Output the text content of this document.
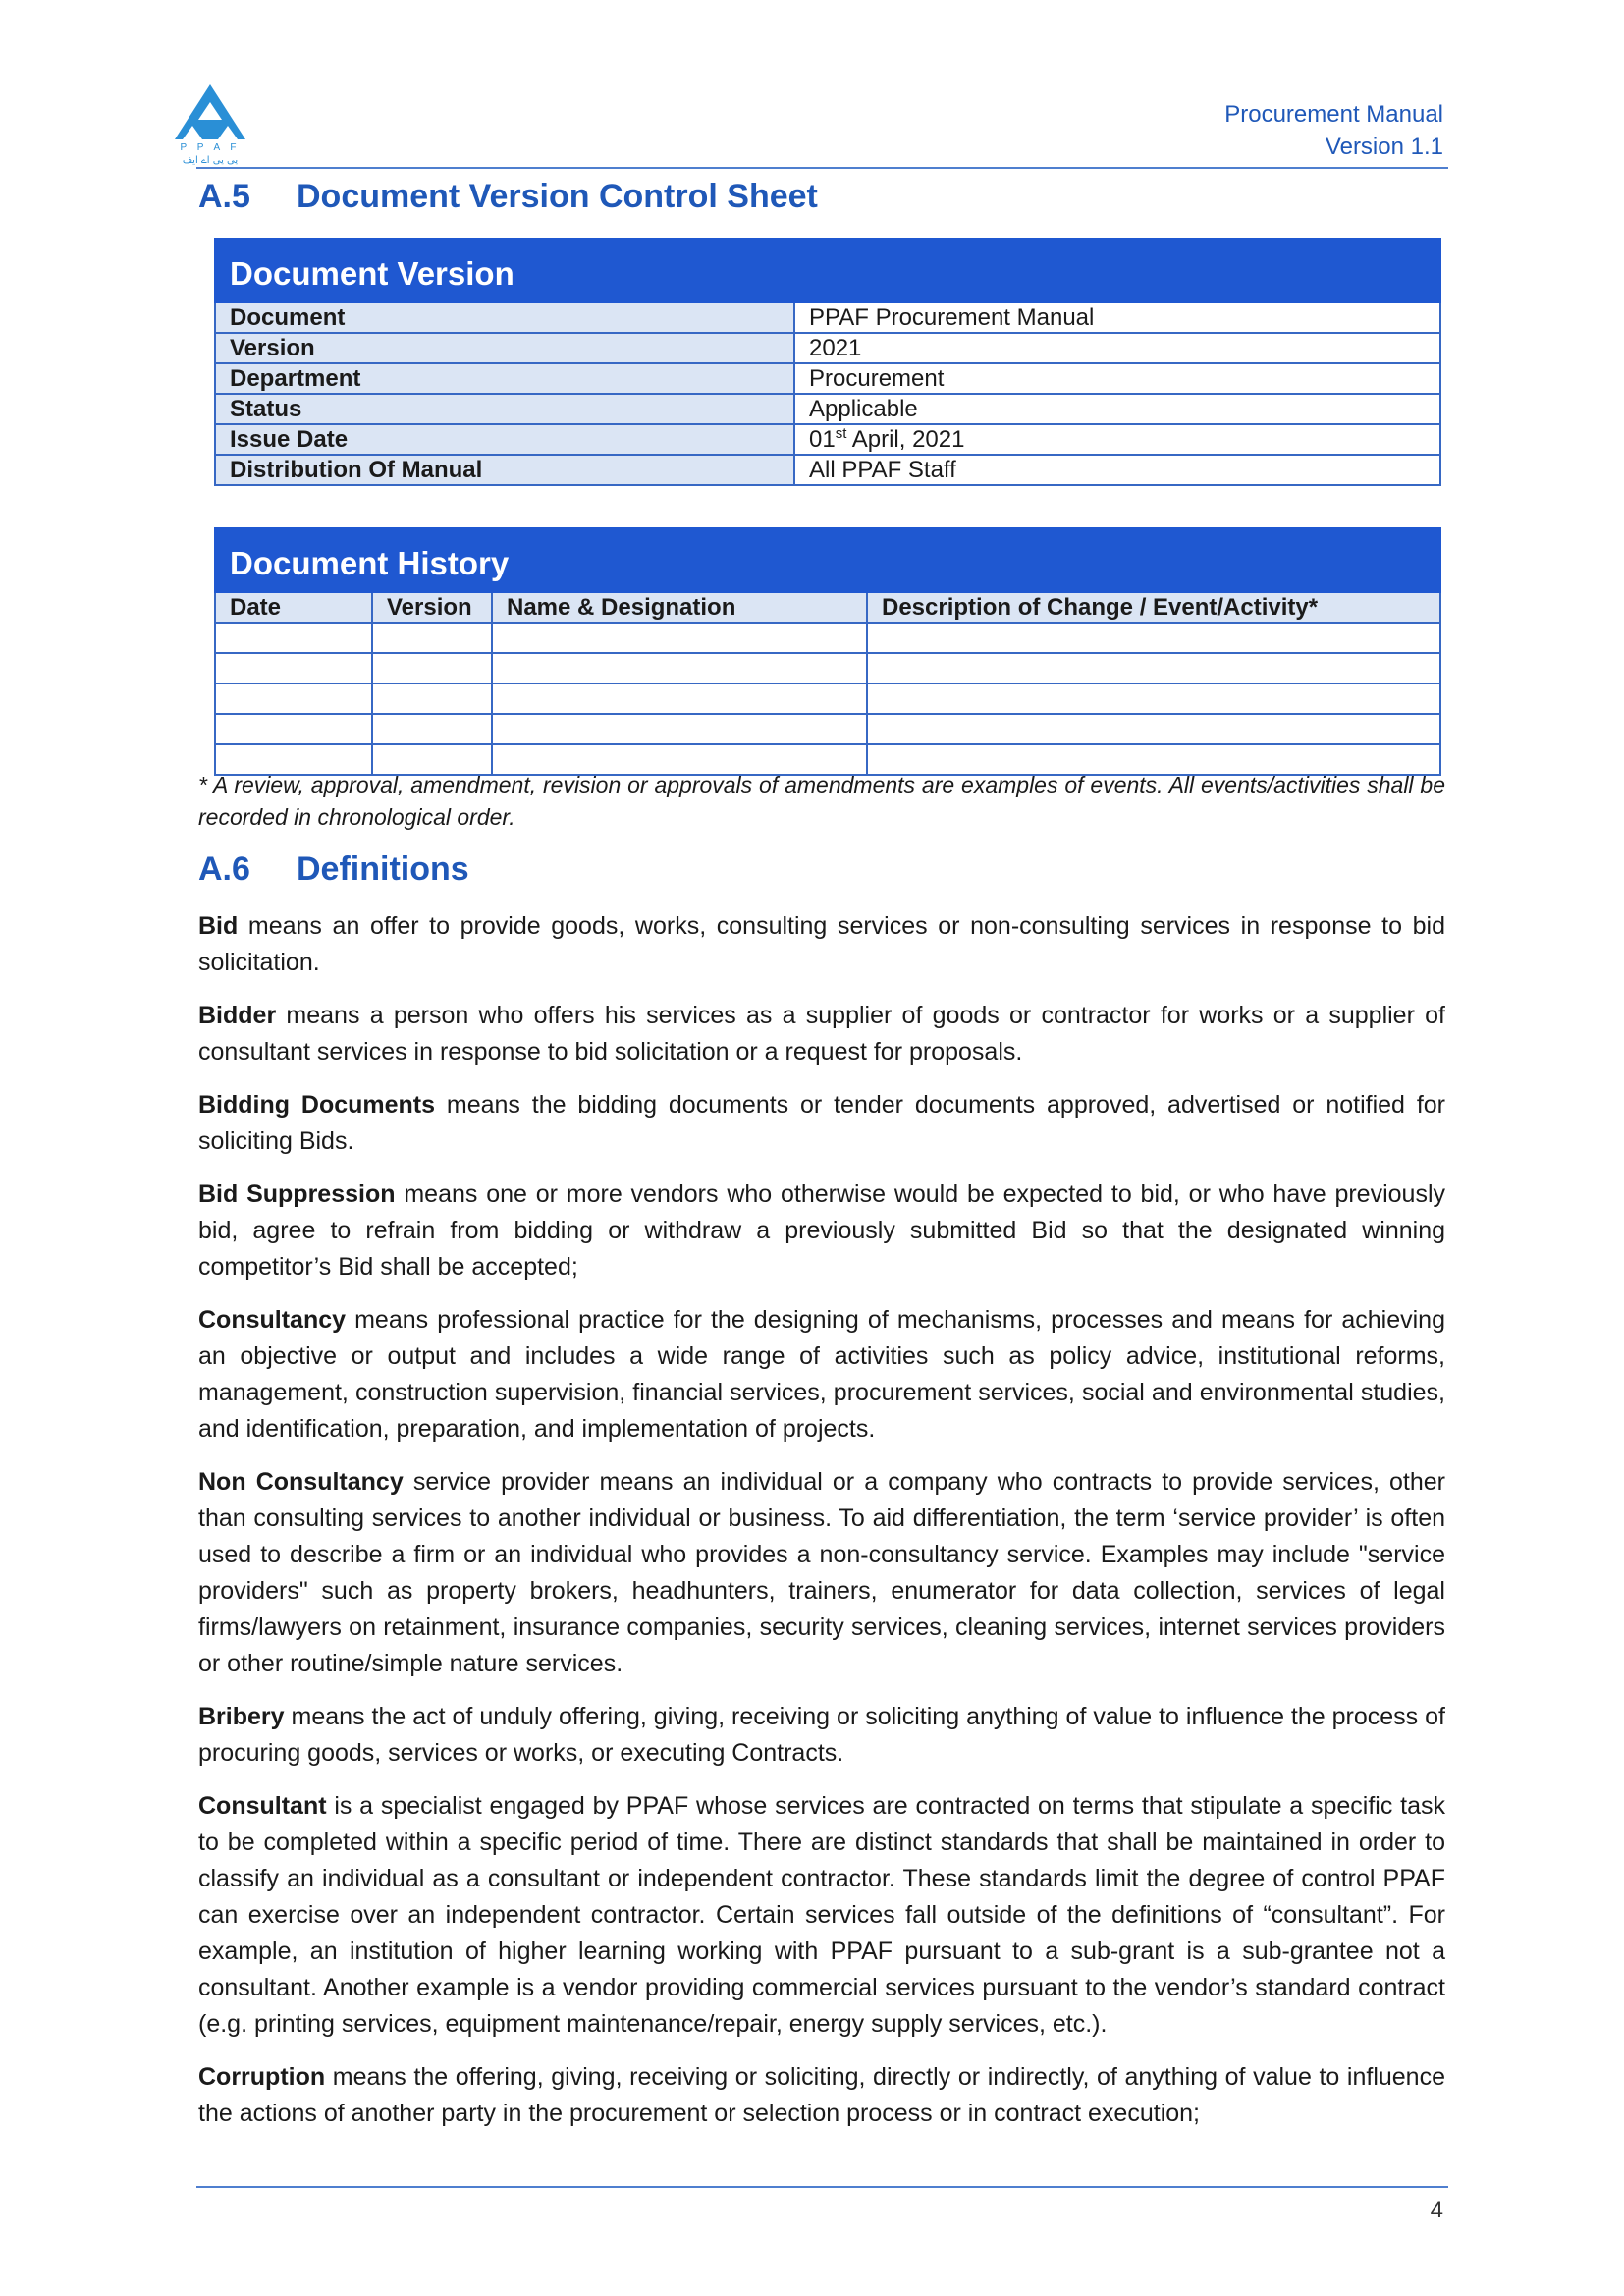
P P A F
پی پی اے ایف
Procurement Manual
Version 1.1
A.5 Document Version Control Sheet
Document Version	
Document	PPAF Procurement Manual
Version	2021
Department	Procurement
Status	Applicable
Issue Date	01st April, 2021
Distribution Of Manual	All PPAF Staff
Document History			
Date	Version	Name & Designation	Description of Change / Event/Activity*

* A review, approval, amendment, revision or approvals of amendments are examples of events. All events/activities shall be recorded in chronological order.
A.6 Definitions

Bid means an offer to provide goods, works, consulting services or non-consulting services in response to bid solicitation.

Bidder means a person who offers his services as a supplier of goods or contractor for works or a supplier of consultant services in response to bid solicitation or a request for proposals.

Bidding Documents means the bidding documents or tender documents approved, advertised or notified for soliciting Bids.

Bid Suppression means one or more vendors who otherwise would be expected to bid, or who have previously bid, agree to refrain from bidding or withdraw a previously submitted Bid so that the designated winning competitor’s Bid shall be accepted;

Consultancy means professional practice for the designing of mechanisms, processes and means for achieving an objective or output and includes a wide range of activities such as policy advice, institutional reforms, management, construction supervision, financial services, procurement services, social and environmental studies, and identification, preparation, and implementation of projects.

Non Consultancy service provider means an individual or a company who contracts to provide services, other than consulting services to another individual or business. To aid differentiation, the term ‘service provider’ is often used to describe a firm or an individual who provides a non-consultancy service. Examples may include "service providers" such as property brokers, headhunters, trainers, enumerator for data collection, services of legal firms/lawyers on retainment, insurance companies, security services, cleaning services, internet services providers or other routine/simple nature services.

Bribery means the act of unduly offering, giving, receiving or soliciting anything of value to influence the process of procuring goods, services or works, or executing Contracts.

Consultant is a specialist engaged by PPAF whose services are contracted on terms that stipulate a specific task to be completed within a specific period of time. There are distinct standards that shall be maintained in order to classify an individual as a consultant or independent contractor. These standards limit the degree of control PPAF can exercise over an independent contractor. Certain services fall outside of the definitions of “consultant”. For example, an institution of higher learning working with PPAF pursuant to a sub-grant is a sub-grantee not a consultant. Another example is a vendor providing commercial services pursuant to the vendor’s standard contract (e.g. printing services, equipment maintenance/repair, energy supply services, etc.).

Corruption means the offering, giving, receiving or soliciting, directly or indirectly, of anything of value to influence the actions of another party in the procurement or selection process or in contract execution;

4
